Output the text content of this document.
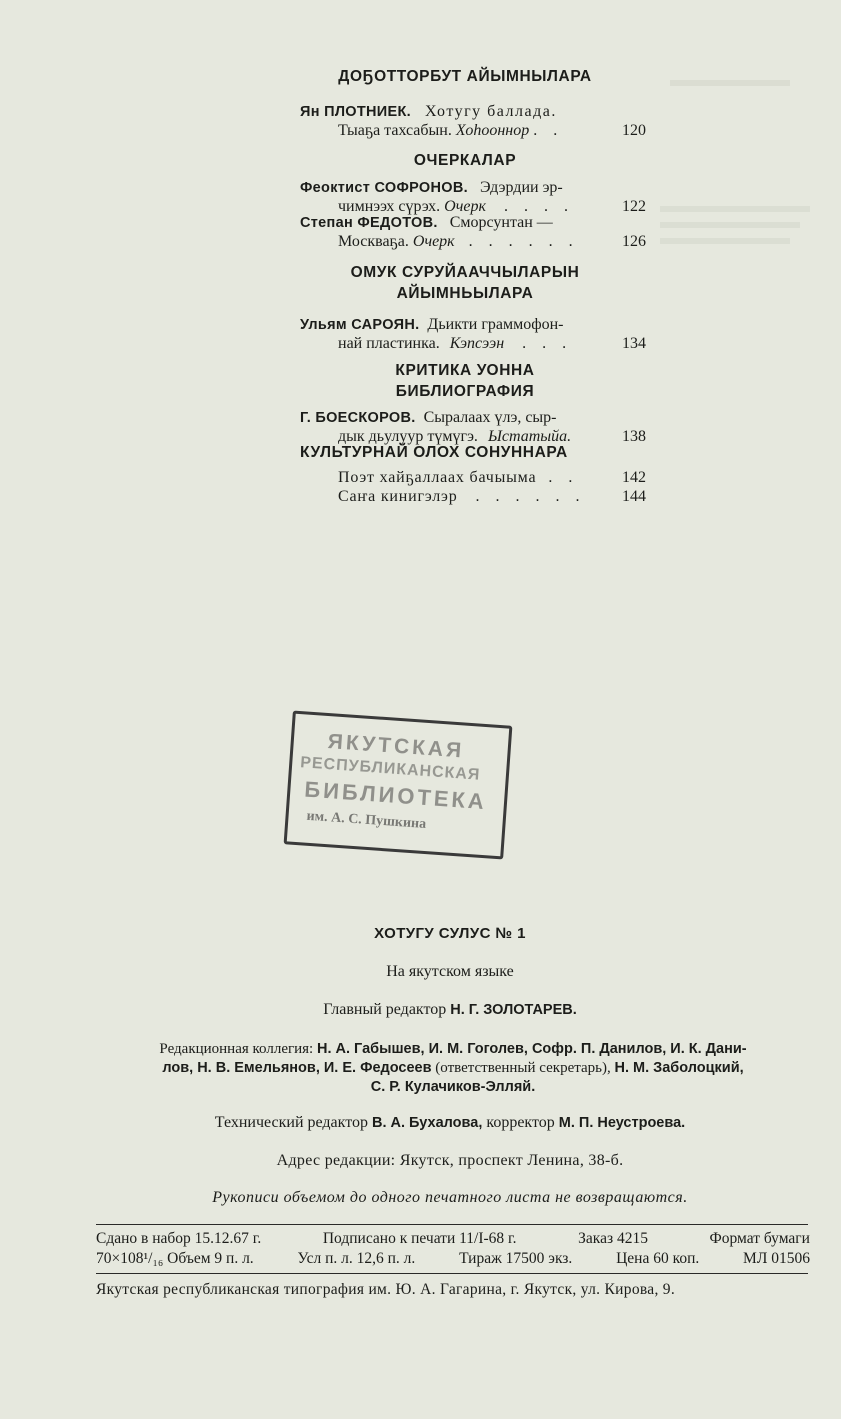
ДОҔОТТОРБУТ АЙЫМНЫЛАРА
Ян ПЛОТНИЕК. Хотугу баллада.
Тыаҕа тахсабын. Хоһооннор . .	120
ОЧЕРКАЛАР
Феоктист СОФРОНОВ. Эдэрдии эр-
чимнээх сүрэх. Очерк . . . .	122
Степан ФЕДОТОВ. Сморсунтан —
Москваҕа. Очерк . . . . . .	126
ОМУК СУРУЙААЧЧЫЛАРЫН
АЙЫМНЬЫЛАРА
Ульям САРОЯН. Дьикти граммофон-
най пластинка. Кэпсээн . . .	134
КРИТИКА УОННА
БИБЛИОГРАФИЯ
Г. БОЕСКОРОВ. Сыралаах үлэ, сыр-
дык дьулуур түмүгэ. Ыстатыйа.	138
КУЛЬТУРНАЙ ОЛОХ СОНУННАРА
Поэт хайҕаллаах бачыыма . .	142
Саҥа кинигэлэр . . . . . . 144
ЯКУТСКАЯ
РЕСПУБЛИКАНСКАЯ
БИБЛИОТЕКА
им. А. С. Пушкина
ХОТУГУ СУЛУС № 1
На якутском языке
Главный редактор Н. Г. ЗОЛОТАРЕВ.
Редакционная коллегия: Н. А. Габышев, И. М. Гоголев, Софр. П. Данилов, И. К. Дани-
лов, Н. В. Емельянов, И. Е. Федосеев (ответственный секретарь), Н. М. Заболоцкий,
С. Р. Кулачиков-Элляй.
Технический редактор В. А. Бухалова, корректор М. П. Неустроева.
Адрес редакции: Якутск, проспект Ленина, 38-б.
Рукописи объемом до одного печатного листа не возвращаются.
Сдано в набор 15.12.67 г.	Подписано к печати 11/I-68 г.	Заказ 4215	Формат бумаги
70×108¹/₁₆ Объем 9 п. л.	Усл п. л. 12,6 п. л.	Тираж 17500 экз.	Цена 60 коп.	МЛ 01506
Якутская республиканская типография им. Ю. А. Гагарина, г. Якутск, ул. Кирова, 9.
